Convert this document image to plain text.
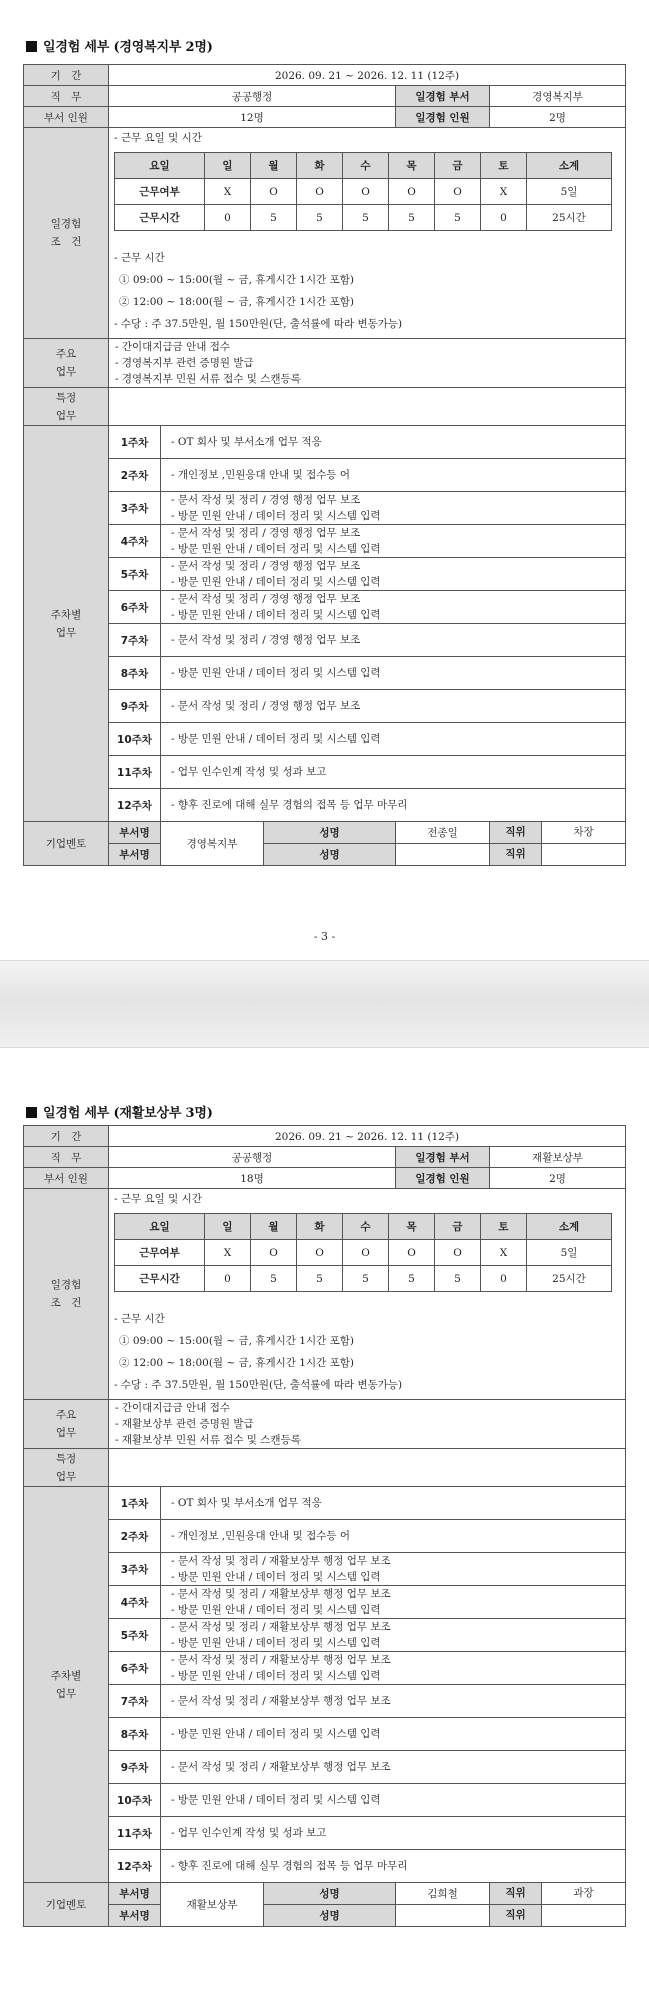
일경험 세부 (경영복지부 2명)
기　간	2026. 09. 21 ~ 2026. 12. 11 (12주)
직　무	공공행정	일경험 부서	경영복지부
부서 인원	12명	일경험 인원	2명
일경험
조　건	
- 근무 요일 및 시간
요일	일	월	화	수	목	금	토	소계
근무여부	X	O	O	O	O	O	X	5일
근무시간	0	5	5	5	5	5	0	25시간
- 근무 시간
① 09:00 ~ 15:00(월 ~ 금, 휴게시간 1시간 포함)
② 12:00 ~ 18:00(월 ~ 금, 휴게시간 1시간 포함)
- 수당 : 주 37.5만원, 월 150만원(단, 출석률에 따라 변동가능)

주요
업무	
- 간이대지급금 안내 접수
- 경영복지부 관련 증명원 발급
- 경영복지부 민원 서류 접수 및 스캔등록

특정
업무	
주차별
업무	1주차	- OT 회사 및 부서소개 업무 적응

2주차	- 개인정보 ,민원응대 안내 및 접수등 어

3주차	
- 문서 작성 및 정리 / 경영 행정 업무 보조
- 방문 민원 안내 / 데이터 정리 및 시스템 입력

4주차	
- 문서 작성 및 정리 / 경영 행정 업무 보조
- 방문 민원 안내 / 데이터 정리 및 시스템 입력

5주차	
- 문서 작성 및 정리 / 경영 행정 업무 보조
- 방문 민원 안내 / 데이터 정리 및 시스템 입력

6주차	
- 문서 작성 및 정리 / 경영 행정 업무 보조
- 방문 민원 안내 / 데이터 정리 및 시스템 입력

7주차	- 문서 작성 및 정리 / 경영 행정 업무 보조

8주차	- 방문 민원 안내 / 데이터 정리 및 시스템 입력

9주차	- 문서 작성 및 정리 / 경영 행정 업무 보조

10주차	- 방문 민원 안내 / 데이터 정리 및 시스템 입력

11주차	- 업무 인수인계 작성 및 성과 보고

12주차	- 향후 진로에 대해 실무 경험의 접목 등 업무 마무리

기업멘토	부서명	경영복지부	성명	전종일	직위	차장

부서명	성명		직위
- 3 -
일경험 세부 (재활보상부 3명)
기　간	2026. 09. 21 ~ 2026. 12. 11 (12주)
직　무	공공행정	일경험 부서	재활보상부
부서 인원	18명	일경험 인원	2명
일경험
조　건	
- 근무 요일 및 시간
요일	일	월	화	수	목	금	토	소계
근무여부	X	O	O	O	O	O	X	5일
근무시간	0	5	5	5	5	5	0	25시간
- 근무 시간
① 09:00 ~ 15:00(월 ~ 금, 휴게시간 1시간 포함)
② 12:00 ~ 18:00(월 ~ 금, 휴게시간 1시간 포함)
- 수당 : 주 37.5만원, 월 150만원(단, 출석률에 따라 변동가능)

주요
업무	
- 간이대지급금 안내 접수
- 재활보상부 관련 증명원 발급
- 재활보상부 민원 서류 접수 및 스캔등록

특정
업무	
주차별
업무	1주차	- OT 회사 및 부서소개 업무 적응

2주차	- 개인정보 ,민원응대 안내 및 접수등 어

3주차	
- 문서 작성 및 정리 / 재활보상부 행정 업무 보조
- 방문 민원 안내 / 데이터 정리 및 시스템 입력

4주차	
- 문서 작성 및 정리 / 재활보상부 행정 업무 보조
- 방문 민원 안내 / 데이터 정리 및 시스템 입력

5주차	
- 문서 작성 및 정리 / 재활보상부 행정 업무 보조
- 방문 민원 안내 / 데이터 정리 및 시스템 입력

6주차	
- 문서 작성 및 정리 / 재활보상부 행정 업무 보조
- 방문 민원 안내 / 데이터 정리 및 시스템 입력

7주차	- 문서 작성 및 정리 / 재활보상부 행정 업무 보조

8주차	- 방문 민원 안내 / 데이터 정리 및 시스템 입력

9주차	- 문서 작성 및 정리 / 재활보상부 행정 업무 보조

10주차	- 방문 민원 안내 / 데이터 정리 및 시스템 입력

11주차	- 업무 인수인계 작성 및 성과 보고

12주차	- 향후 진로에 대해 실무 경험의 접목 등 업무 마무리

기업멘토	부서명	재활보상부	성명	김희철	직위	과장

부서명	성명		직위
